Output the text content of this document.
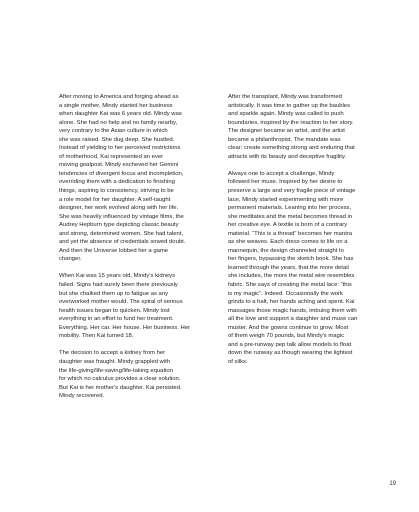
After moving to America and forging ahead as
a single mother, Mindy started her business
when daughter Kai was 6 years old. Mindy was
alone. She had no help and no family nearby,
very contrary to the Asian culture in which
she was raised. She dug deep. She hustled.
Instead of yielding to her perceived restrictions
of motherhood, Kai represented an ever
moving goalpost. Mindy escheved her Gemini
tendencies of divergent focus and incompletion,
overriding them with a dedication to finishing
things, aspiring to consistency, striving to be
a role model for her daughter. A self-taught
designer, her work evolved along with her life.
She was heavily influenced by vintage films, the
Audrey Hepburn type depicting classic beauty
and strong, determined women. She had talent,
and yet the absence of credentials sowed doubt.
And then the Universe lobbed her a game
changer.

When Kai was 15 years old, Mindy's kidneys
failed. Signs had surely been there previously
but she chalked them up to fatigue as any
overworked mother would. The spiral of serious
health issues began to quicken. Mindy lost
everything in an effort to fund her treatment.
Everything. Her car. Her house. Her business. Her
mobility. Then Kai turned 18.

The decision to accept a kidney from her
daughter was fraught. Mindy grappled with
the life-giving/life-saving/life-taking equation
for which no calculus provides a clear solution.
But Kai is her mother's daughter. Kai persisted.
Mindy recovered.

After the transplant, Mindy was transformed
artistically. It was time to gather up the baubles
and sparkle again. Mindy was called to push
boundaries, inspired by the reaction to her story.
The designer became an artist, and the artist
became a philanthropist. The mandate was
clear: create something strong and enduring that
attracts with its beauty and deceptive fragility.

Always one to accept a challenge, Mindy
followed her muse. Inspired by her desire to
preserve a large and very fragile piece of vintage
lace, Mindy started experimenting with more
permanent materials. Leaning into her process,
she meditates and the metal becomes thread in
her creative eye. A textile is born of a contrary
material. “This is a thread” becomes her mantra
as she weaves. Each dress comes to life on a
mannequin, the design channeled straight to
her fingers, bypassing the sketch book. She has
learned through the years, that the more detail
she includes, the more the metal wire resembles
fabric. She says of creating the metal lace: “this
is my magic”. Indeed. Occasionally the work
grinds to a halt, her hands aching and spent. Kai
massages those magic hands, imbuing them with
all the love and support a daughter and muse can
muster. And the gowns continue to grow. Most
of them weigh 70 pounds, but Mindy's magic
and a pre-runway pep talk allow models to float
down the runway as though wearing the lightest
of silks.

19
